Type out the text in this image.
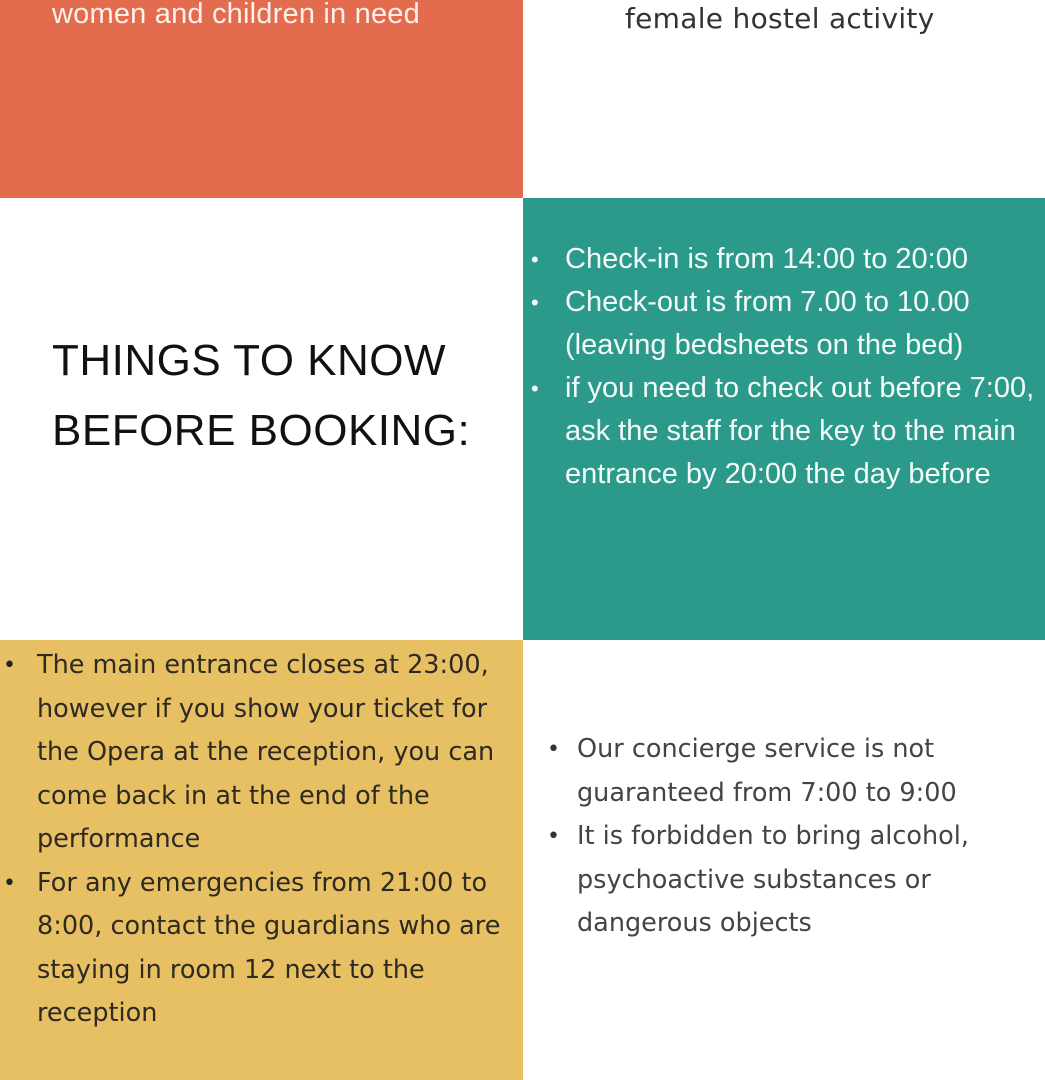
women and children in need	female hostel activity
THINGS TO KNOW
BEFORE BOOKING:
• Check-in is from 14:00 to 20:00
• Check-out is from 7.00 to 10.00 (leaving bedsheets on the bed)
• if you need to check out before 7:00, ask the staff for the key to the main entrance by 20:00 the day before
• The main entrance closes at 23:00, however if you show your ticket for the Opera at the reception, you can come back in at the end of the performance
• For any emergencies from 21:00 to 8:00, contact the guardians who are staying in room 12 next to the reception
• Our concierge service is not guaranteed from 7:00 to 9:00
• It is forbidden to bring alcohol, psychoactive substances or dangerous objects
